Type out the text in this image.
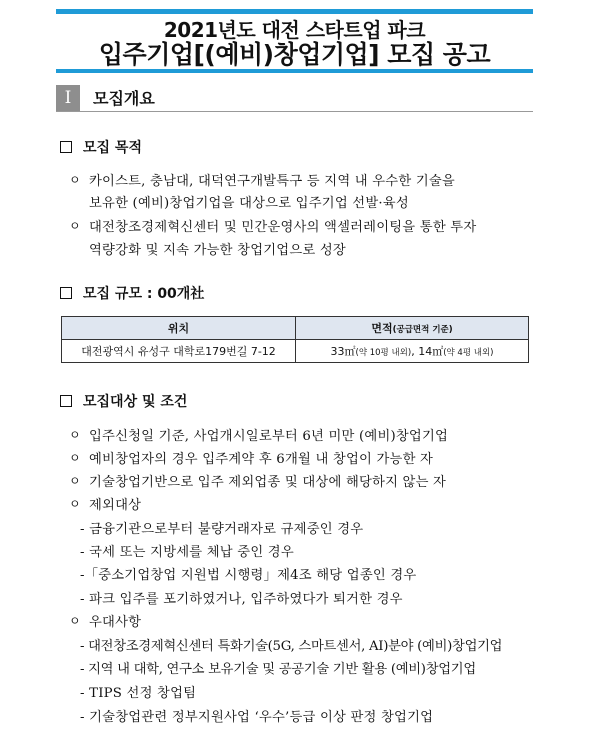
2021년도 대전 스타트업 파크
입주기업[(예비)창업기업] 모집 공고
Ⅰ	모집개요
모집 목적
ㅇ 카이스트, 충남대, 대덕연구개발특구 등 지역 내 우수한 기술을
보유한 (예비)창업기업을 대상으로 입주기업 선발·육성
ㅇ 대전창조경제혁신센터 및 민간운영사의 액셀러레이팅을 통한 투자
역량강화 및 지속 가능한 창업기업으로 성장
모집 규모 : 00개社
위치	면적(공급면적 기준)
대전광역시 유성구 대학로179번길 7-12	33㎡(약 10평 내외), 14㎡(약 4평 내외)
모집대상 및 조건
ㅇ 입주신청일 기준, 사업개시일로부터 6년 미만 (예비)창업기업
ㅇ 예비창업자의 경우 입주계약 후 6개월 내 창업이 가능한 자
ㅇ 기술창업기반으로 입주 제외업종 및 대상에 해당하지 않는 자
ㅇ 제외대상
- 금융기관으로부터 불량거래자로 규제중인 경우
- 국세 또는 지방세를 체납 중인 경우
-「중소기업창업 지원법 시행령」제4조 해당 업종인 경우
- 파크 입주를 포기하였거나, 입주하였다가 퇴거한 경우
ㅇ 우대사항
- 대전창조경제혁신센터 특화기술(5G, 스마트센서, AI)분야 (예비)창업기업
- 지역 내 대학, 연구소 보유기술 및 공공기술 기반 활용 (예비)창업기업
- TIPS 선정 창업팀
- 기술창업관련 정부지원사업 ‘우수’등급 이상 판정 창업기업
